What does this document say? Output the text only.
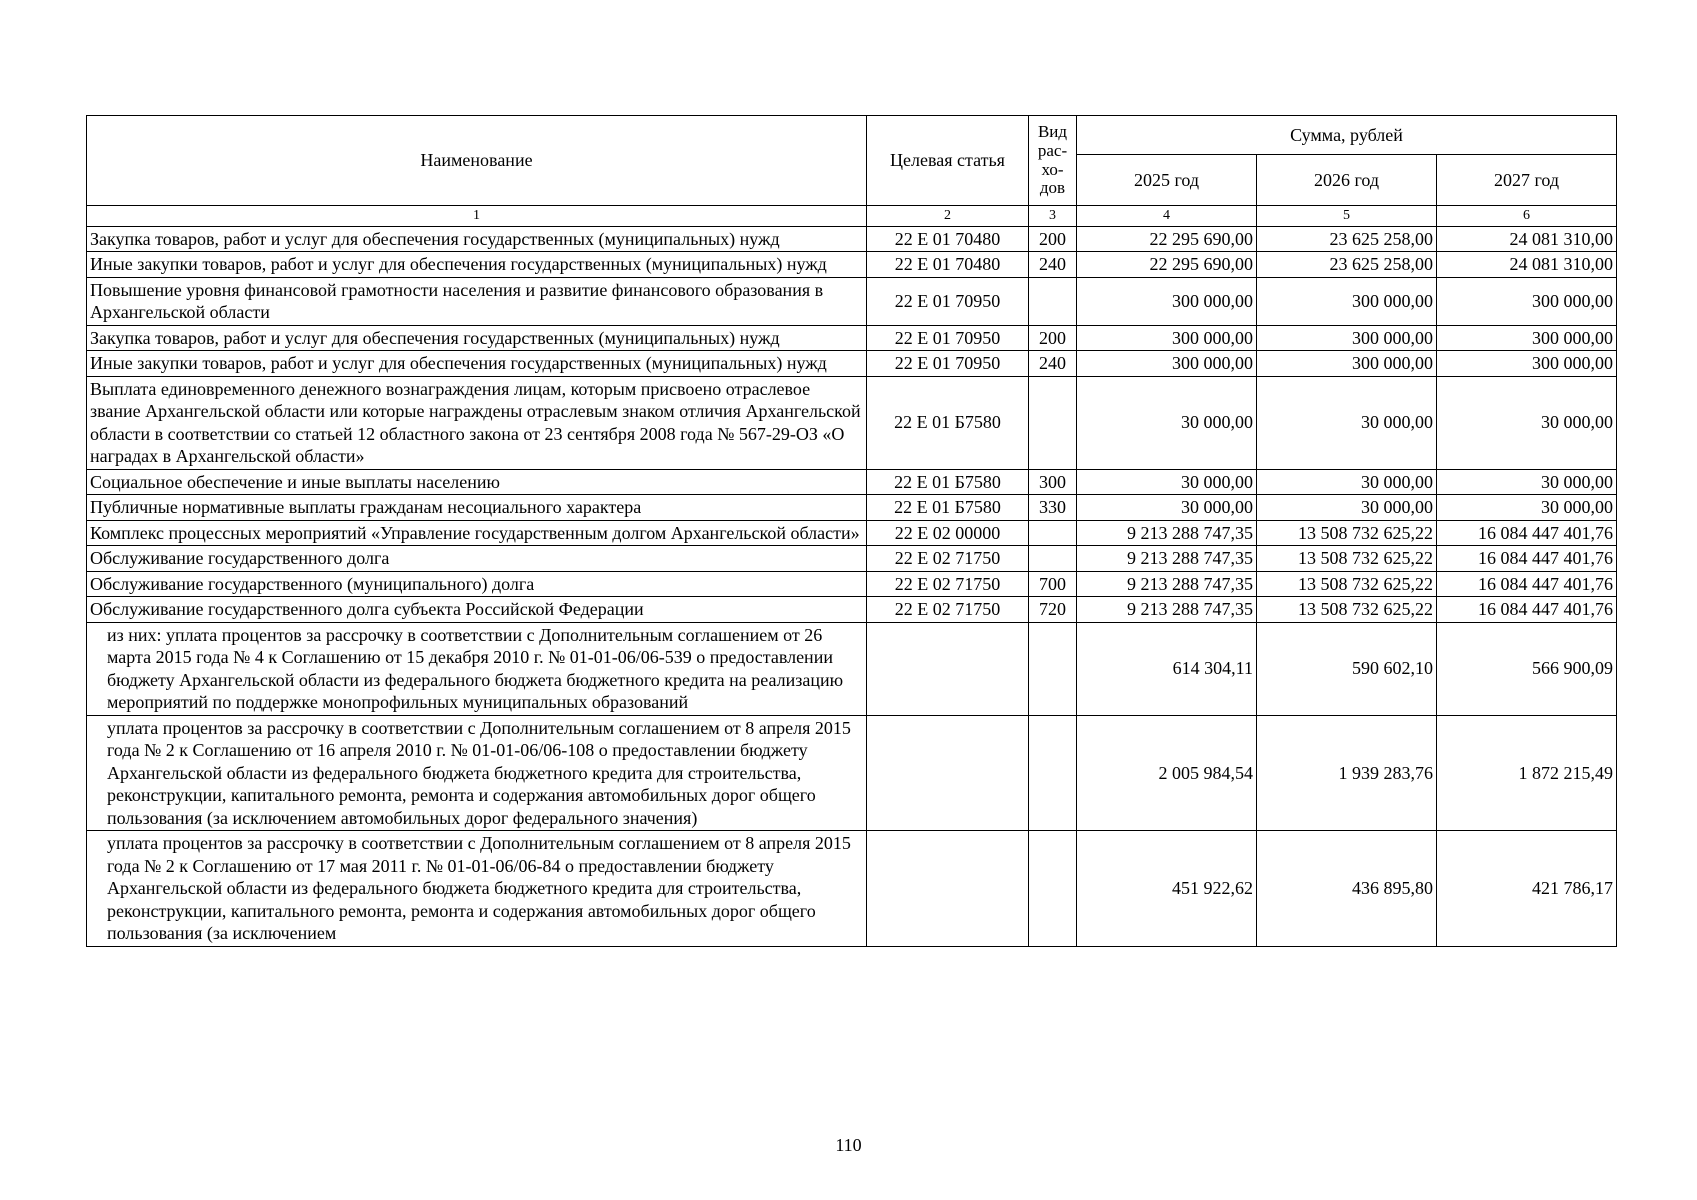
Наименование	Целевая статья	Вид рас-хо-дов	Сумма, рублей		
			2025 год	2026 год	2027 год
1	2	3	4	5	6
Закупка товаров, работ и услуг для обеспечения государственных (муниципальных) нужд	22 Е 01 70480	200	22 295 690,00	23 625 258,00	24 081 310,00
Иные закупки товаров, работ и услуг для обеспечения государственных (муниципальных) нужд	22 Е 01 70480	240	22 295 690,00	23 625 258,00	24 081 310,00
Повышение уровня финансовой грамотности населения и развитие финансового образования в Архангельской области	22 Е 01 70950		300 000,00	300 000,00	300 000,00
Закупка товаров, работ и услуг для обеспечения государственных (муниципальных) нужд	22 Е 01 70950	200	300 000,00	300 000,00	300 000,00
Иные закупки товаров, работ и услуг для обеспечения государственных (муниципальных) нужд	22 Е 01 70950	240	300 000,00	300 000,00	300 000,00
Выплата единовременного денежного вознаграждения лицам, которым присвоено отраслевое звание Архангельской области или которые награждены отраслевым знаком отличия Архангельской области в соответствии со статьей 12 областного закона от 23 сентября 2008 года № 567-29-ОЗ «О наградах в Архангельской области»	22 Е 01 Б7580		30 000,00	30 000,00	30 000,00
Социальное обеспечение и иные выплаты населению	22 Е 01 Б7580	300	30 000,00	30 000,00	30 000,00
Публичные нормативные выплаты гражданам несоциального характера	22 Е 01 Б7580	330	30 000,00	30 000,00	30 000,00
Комплекс процессных мероприятий «Управление государственным долгом Архангельской области»	22 Е 02 00000		9 213 288 747,35	13 508 732 625,22	16 084 447 401,76
Обслуживание государственного долга	22 Е 02 71750		9 213 288 747,35	13 508 732 625,22	16 084 447 401,76
Обслуживание государственного (муниципального) долга	22 Е 02 71750	700	9 213 288 747,35	13 508 732 625,22	16 084 447 401,76
Обслуживание государственного долга субъекта Российской Федерации	22 Е 02 71750	720	9 213 288 747,35	13 508 732 625,22	16 084 447 401,76
из них: уплата процентов за рассрочку в соответствии с Дополнительным соглашением от 26 марта 2015 года № 4 к Соглашению от 15 декабря 2010 г. № 01-01-06/06-539 о предоставлении бюджету Архангельской области из федерального бюджета бюджетного кредита на реализацию мероприятий по поддержке монопрофильных муниципальных образований			614 304,11	590 602,10	566 900,09
уплата процентов за рассрочку в соответствии с Дополнительным соглашением от 8 апреля 2015 года № 2 к Соглашению от 16 апреля 2010 г. № 01-01-06/06-108 о предоставлении бюджету Архангельской области из федерального бюджета бюджетного кредита для строительства, реконструкции, капитального ремонта, ремонта и содержания автомобильных дорог общего пользования (за исключением автомобильных дорог федерального значения)			2 005 984,54	1 939 283,76	1 872 215,49
уплата процентов за рассрочку в соответствии с Дополнительным соглашением от 8 апреля 2015 года № 2 к Соглашению от 17 мая 2011 г. № 01-01-06/06-84 о предоставлении бюджету Архангельской области из федерального бюджета бюджетного кредита для строительства, реконструкции, капитального ремонта, ремонта и содержания автомобильных дорог общего пользования (за исключением			451 922,62	436 895,80	421 786,17
110
